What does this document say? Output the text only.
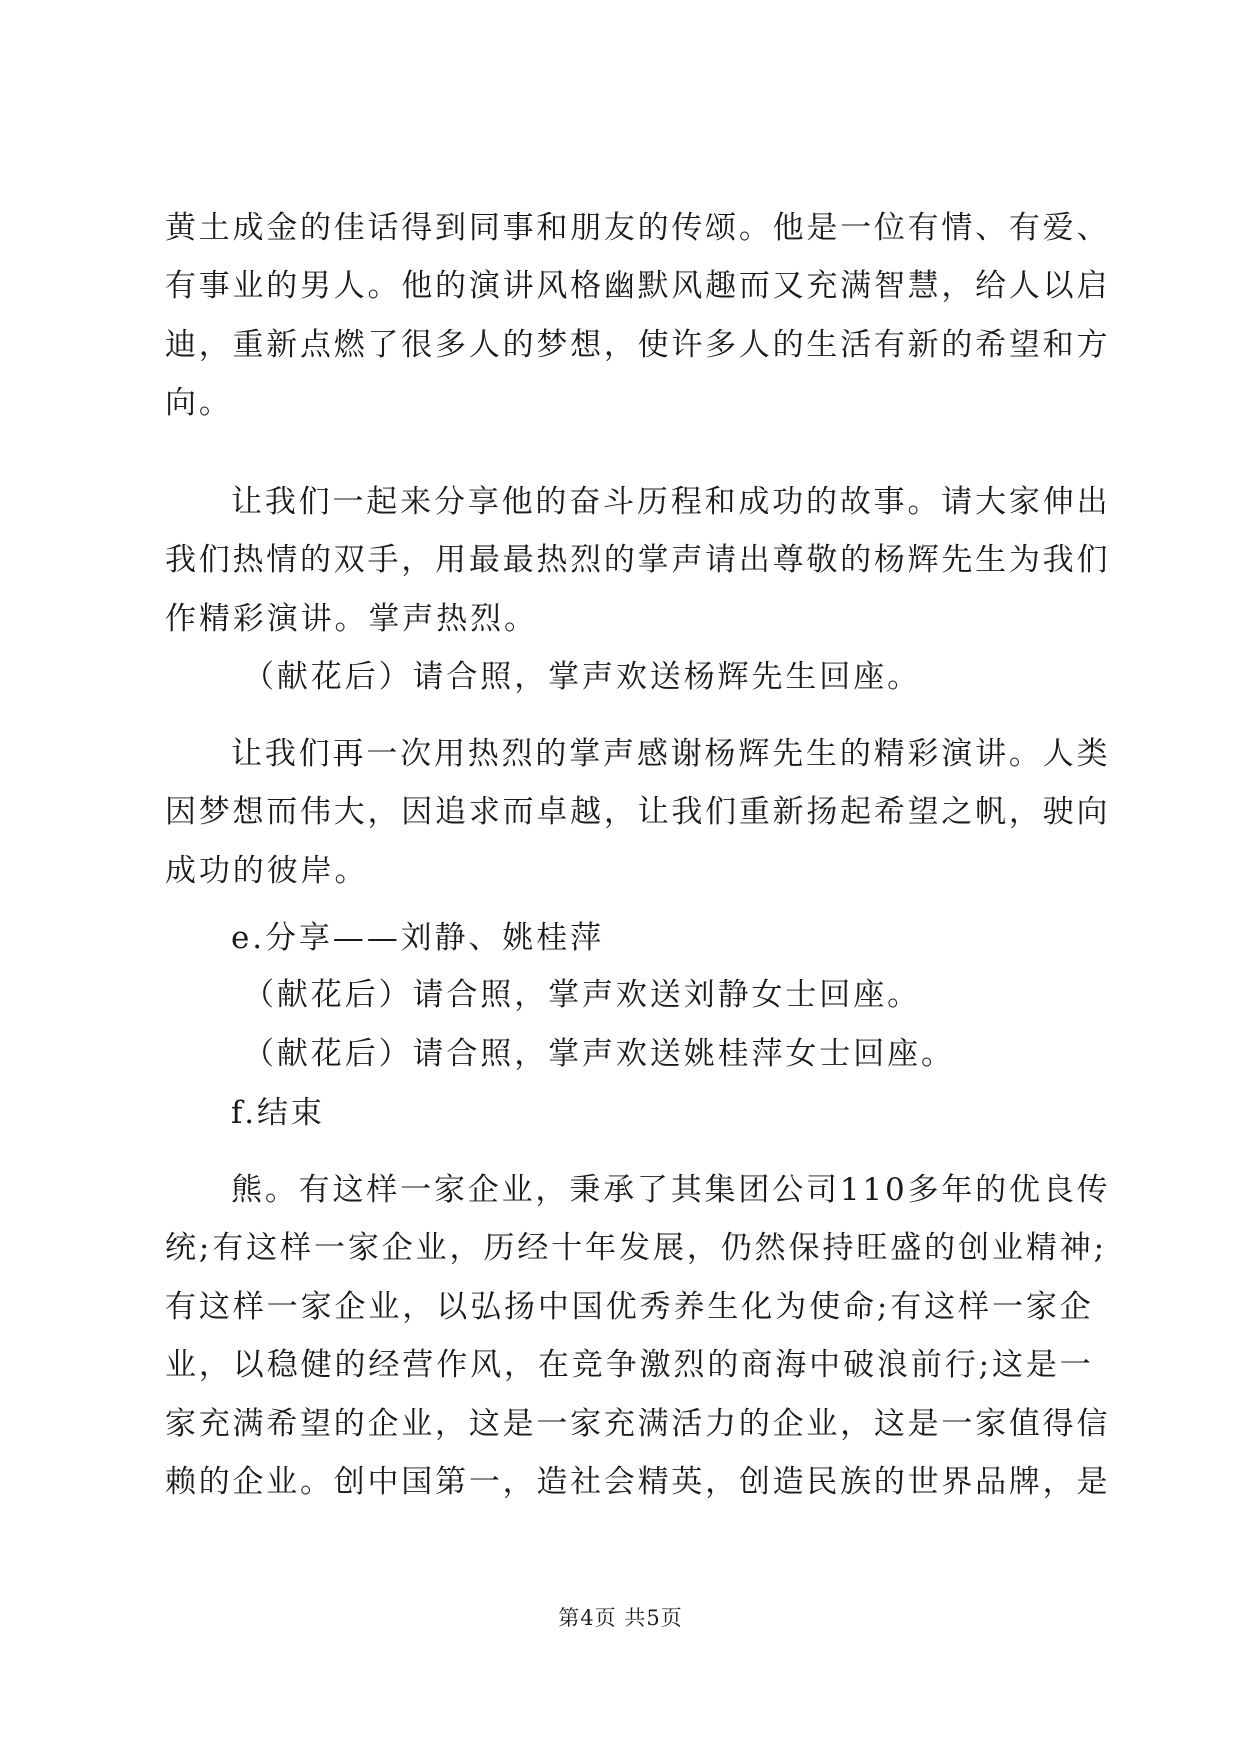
黄土成金的佳话得到同事和朋友的传颂。他是一位有情、有爱、
有事业的男人。他的演讲风格幽默风趣而又充满智慧，给人以启
迪，重新点燃了很多人的梦想，使许多人的生活有新的希望和方
向。
让我们一起来分享他的奋斗历程和成功的故事。请大家伸出
我们热情的双手，用最最热烈的掌声请出尊敬的杨辉先生为我们
作精彩演讲。掌声热烈。
（献花后）请合照，掌声欢送杨辉先生回座。
让我们再一次用热烈的掌声感谢杨辉先生的精彩演讲。人类
因梦想而伟大，因追求而卓越，让我们重新扬起希望之帆，驶向
成功的彼岸。
e.分享——刘静、姚桂萍
（献花后）请合照，掌声欢送刘静女士回座。
（献花后）请合照，掌声欢送姚桂萍女士回座。
f.结束
熊。有这样一家企业，秉承了其集团公司110多年的优良传
统;有这样一家企业，历经十年发展，仍然保持旺盛的创业精神;
有这样一家企业，以弘扬中国优秀养生化为使命;有这样一家企
业，以稳健的经营作风，在竞争激烈的商海中破浪前行;这是一
家充满希望的企业，这是一家充满活力的企业，这是一家值得信
赖的企业。创中国第一，造社会精英，创造民族的世界品牌，是
第4页 共5页
